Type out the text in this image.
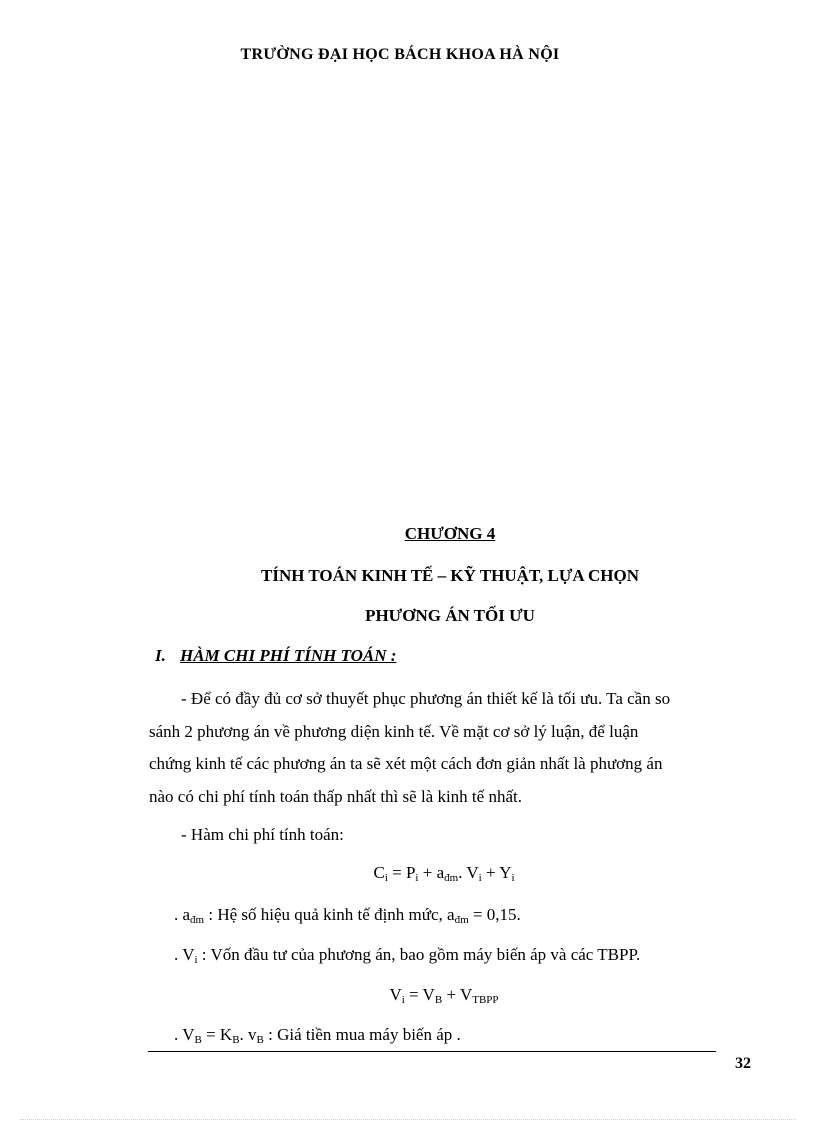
TRƯỜNG ĐẠI HỌC BÁCH KHOA HÀ NỘI
CHƯƠNG 4
TÍNH TOÁN KINH TẾ – KỸ THUẬT, LỰA CHỌN
PHƯƠNG ÁN TỐI ƯU
I. HÀM CHI PHÍ TÍNH TOÁN :
- Để có đầy đủ cơ sở thuyết phục phương án thiết kế là tối ưu. Ta cần so
sánh 2 phương án về phương diện kinh tế. Về mặt cơ sở lý luận, để luận
chứng kinh tế các phương án ta sẽ xét một cách đơn giản nhất là phương án
nào có chi phí tính toán thấp nhất thì sẽ là kinh tế nhất.
- Hàm chi phí tính toán:
$C_i = P_i + a_{đm}$. $V_i + Y_i$
. $a_{đm}$ : Hệ số hiệu quả kinh tế định mức, $a_{đm} = 0,15$.
. $V_i$ : Vốn đầu tư của phương án, bao gồm máy biến áp và các TBPP.
$V_i = V_B + V_{TBPP}$
. $V_B = K_B$. $v_B$ : Giá tiền mua máy biến áp .
32
